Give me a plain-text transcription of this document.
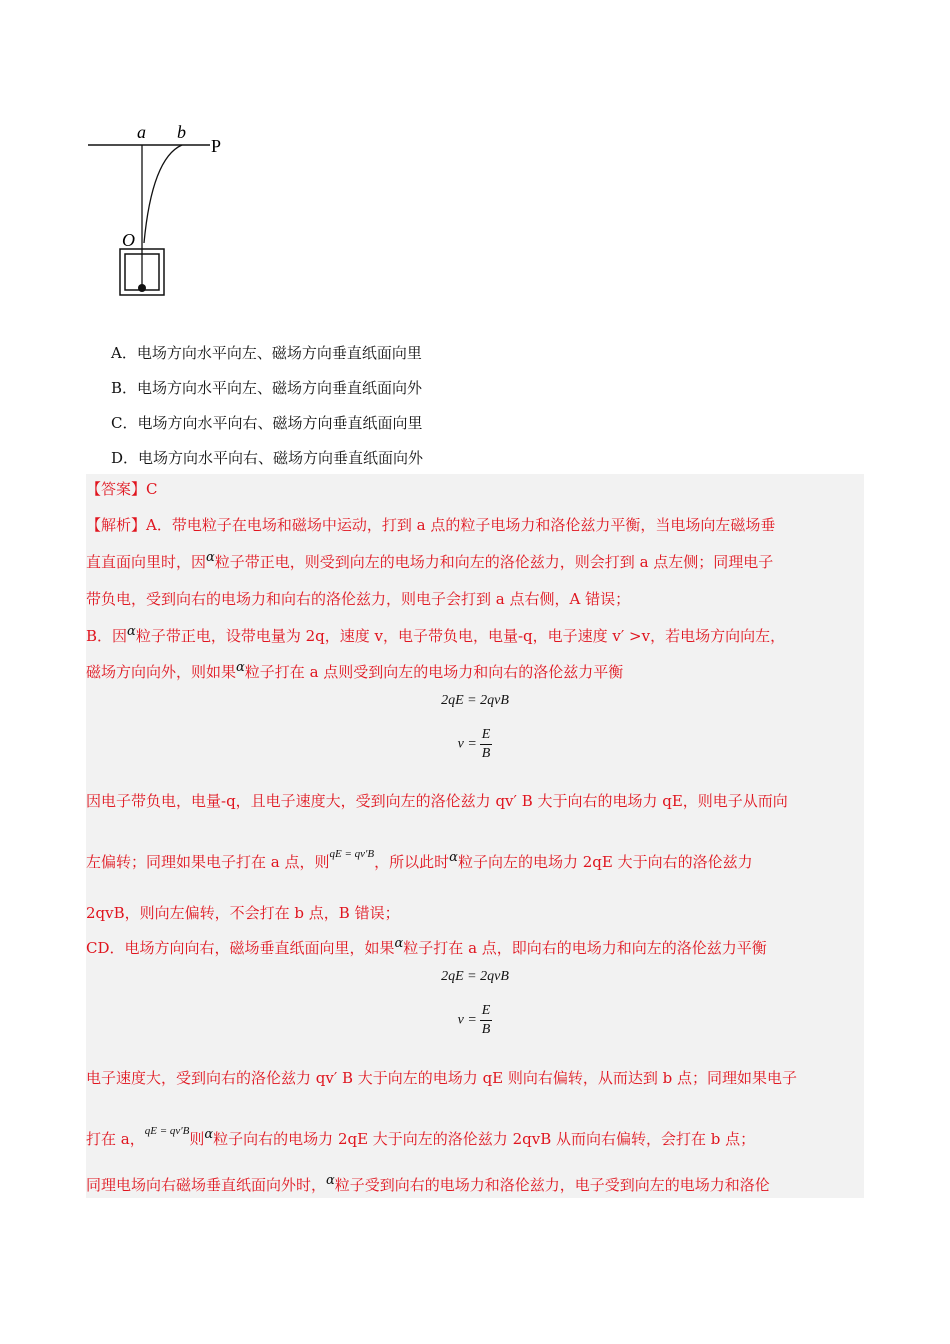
a b
P
O
A．电场方向水平向左、磁场方向垂直纸面向里
B．电场方向水平向左、磁场方向垂直纸面向外
C．电场方向水平向右、磁场方向垂直纸面向里
D．电场方向水平向右、磁场方向垂直纸面向外
【答案】C
【解析】A．带电粒子在电场和磁场中运动，打到 a 点的粒子电场力和洛伦兹力平衡，当电场向左磁场垂
直直面向里时，因α粒子带正电，则受到向左的电场力和向左的洛伦兹力，则会打到 a 点左侧；同理电子
带负电，受到向右的电场力和向右的洛伦兹力，则电子会打到 a 点右侧，A 错误；
B．因α粒子带正电，设带电量为 2q，速度 v，电子带负电，电量-q，电子速度 v′ >v，若电场方向向左，
磁场方向向外，则如果α粒子打在 a 点则受到向左的电场力和向右的洛伦兹力平衡
2qE = 2qvB
$v = \frac{E}{B}$
因电子带负电，电量-q，且电子速度大，受到向左的洛伦兹力 qv′ B 大于向右的电场力 qE，则电子从而向
左偏转；同理如果电子打在 a 点，则$^{qE = qv'B}$，所以此时α粒子向左的电场力 2qE 大于向右的洛伦兹力
2qvB，则向左偏转，不会打在 b 点，B 错误；
CD．电场方向向右，磁场垂直纸面向里，如果α粒子打在 a 点，即向右的电场力和向左的洛伦兹力平衡
2qE = 2qvB
$v = \frac{E}{B}$
电子速度大，受到向右的洛伦兹力 qv′ B 大于向左的电场力 qE 则向右偏转，从而达到 b 点；同理如果电子
打在 a，$^{qE = qv'B}$则α粒子向右的电场力 2qE 大于向左的洛伦兹力 2qvB 从而向右偏转，会打在 b 点；
同理电场向右磁场垂直纸面向外时，α粒子受到向右的电场力和洛伦兹力，电子受到向左的电场力和洛伦
